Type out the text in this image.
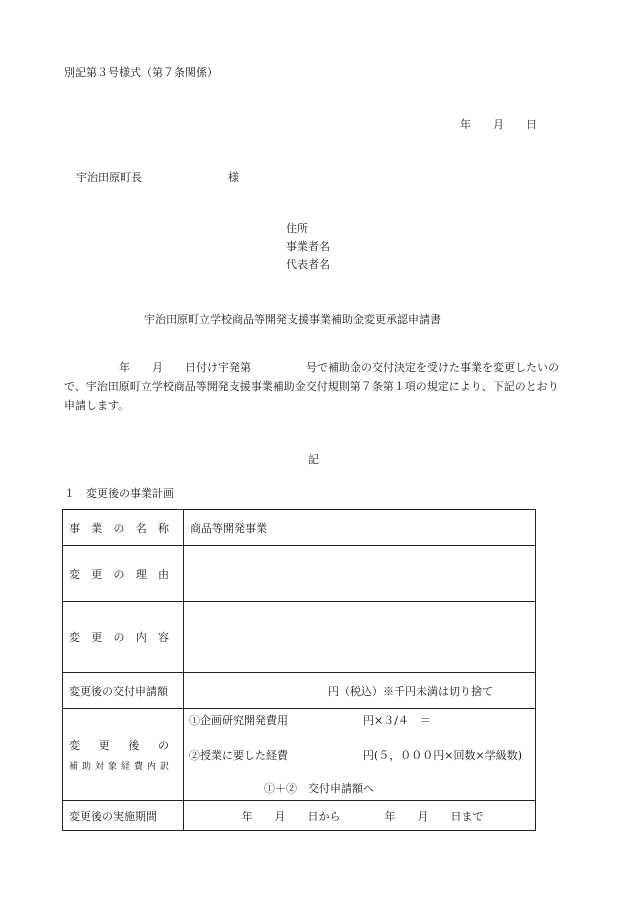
別記第３号様式（第７条関係）
年　　月　　日
宇治田原町長	様
住所
事業者名
代表者名
宇治田原町立学校商品等開発支援事業補助金変更承認申請書
　　　　　年　　月　　日付け宇発第　　　　　号で補助金の交付決定を受けた事業を変更したいので、宇治田原町立学校商品等開発支援事業補助金交付規則第７条第１項の規定により、下記のとおり申請します。
記
１　変更後の事業計画
事業の名称	商品等開発事業

変更の理由	

変更の内容	

変更後の交付申請額	円（税込）※千円未満は切り捨て

変更後の
補助対象経費内訳	①企画研究開発費用 円×３/４　＝
②授業に要した経費 円(５，０００円×回数×学級数)
①＋②　交付申請額へ

変更後の実施期間	年　　月　　日から　　　　年　　月　　日まで
